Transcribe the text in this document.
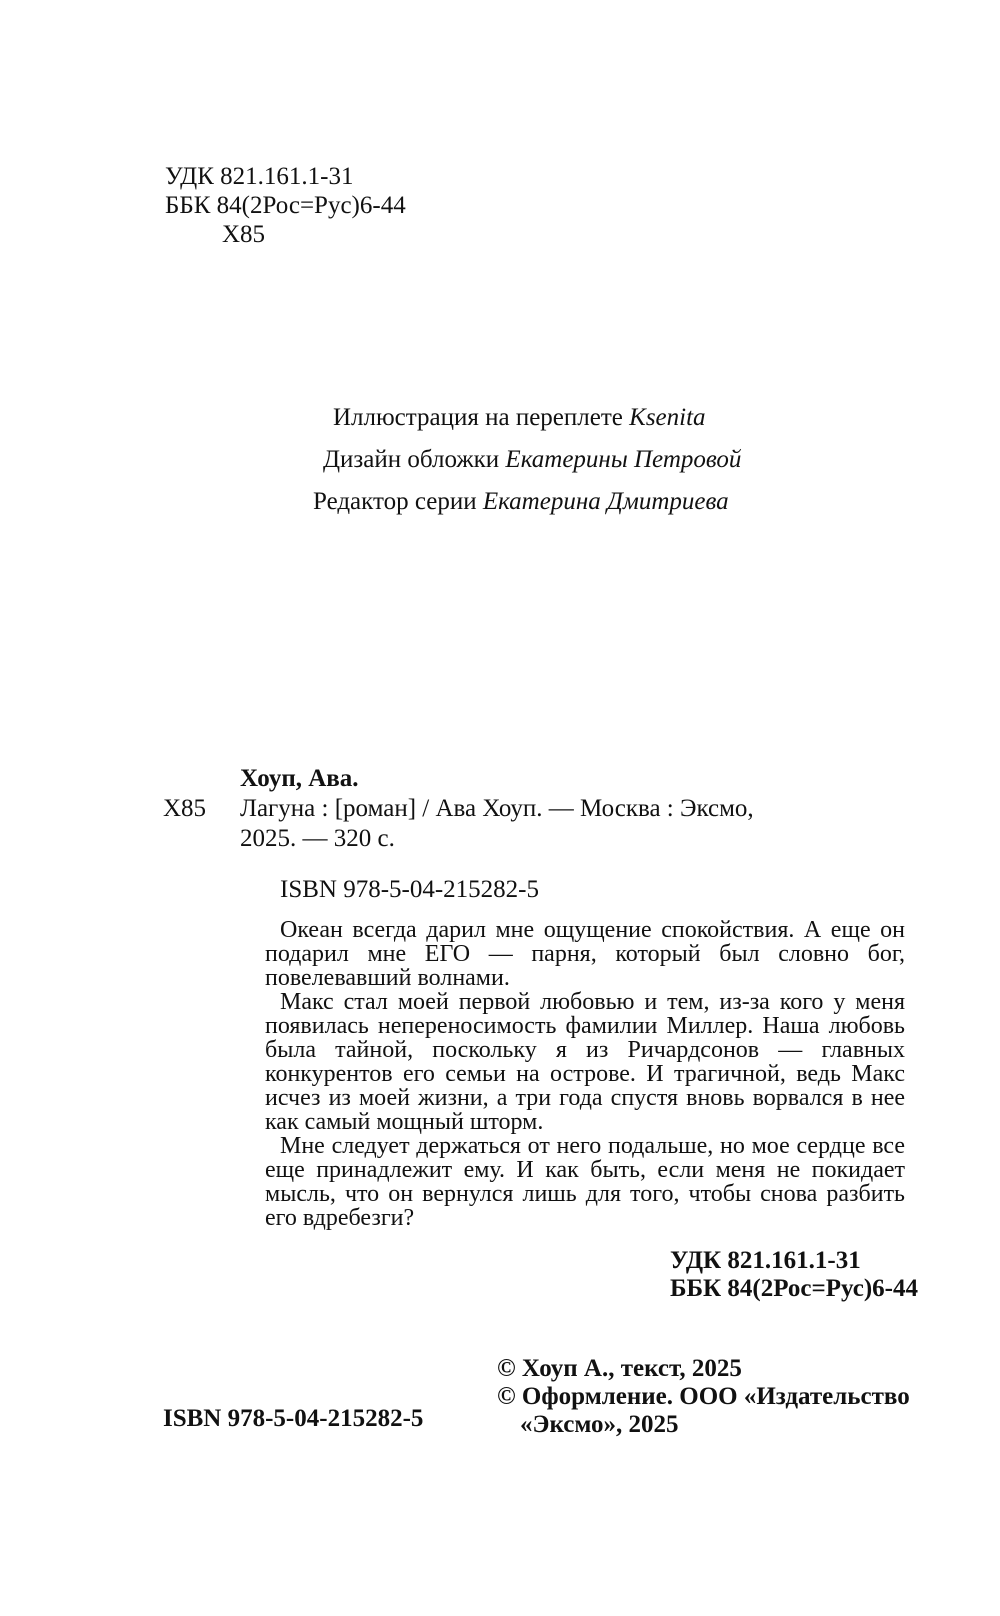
УДК 821.161.1-31
ББК 84(2Рос=Рус)6-44
Х85
Иллюстрация на переплете Ksenita
Дизайн обложки Екатерины Петровой
Редактор серии Екатерина Дмитриева
Хоуп, Ава.
Х85 Лагуна : [роман] / Ава Хоуп. — Москва : Эксмо,
2025. — 320 с.
ISBN 978-5-04-215282-5

Океан всегда дарил мне ощущение спокойствия. А еще он подарил мне ЕГО — парня, который был словно бог, повелевавший волнами.

Макс стал моей первой любовью и тем, из-за кого у меня появилась непереносимость фамилии Миллер. Наша любовь была тайной, поскольку я из Ричардсонов — главных конкурентов его семьи на острове. И трагичной, ведь Макс исчез из моей жизни, а три года спустя вновь ворвался в нее как самый мощный шторм.

Мне следует держаться от него подальше, но мое сердце все еще принадлежит ему. И как быть, если меня не покидает мысль, что он вернулся лишь для того, чтобы снова разбить его вдребезги?

УДК 821.161.1-31
ББК 84(2Рос=Рус)6-44
ISBN 978-5-04-215282-5
© Хоуп А., текст, 2025
© Оформление. ООО «Издательство
«Эксмо», 2025
